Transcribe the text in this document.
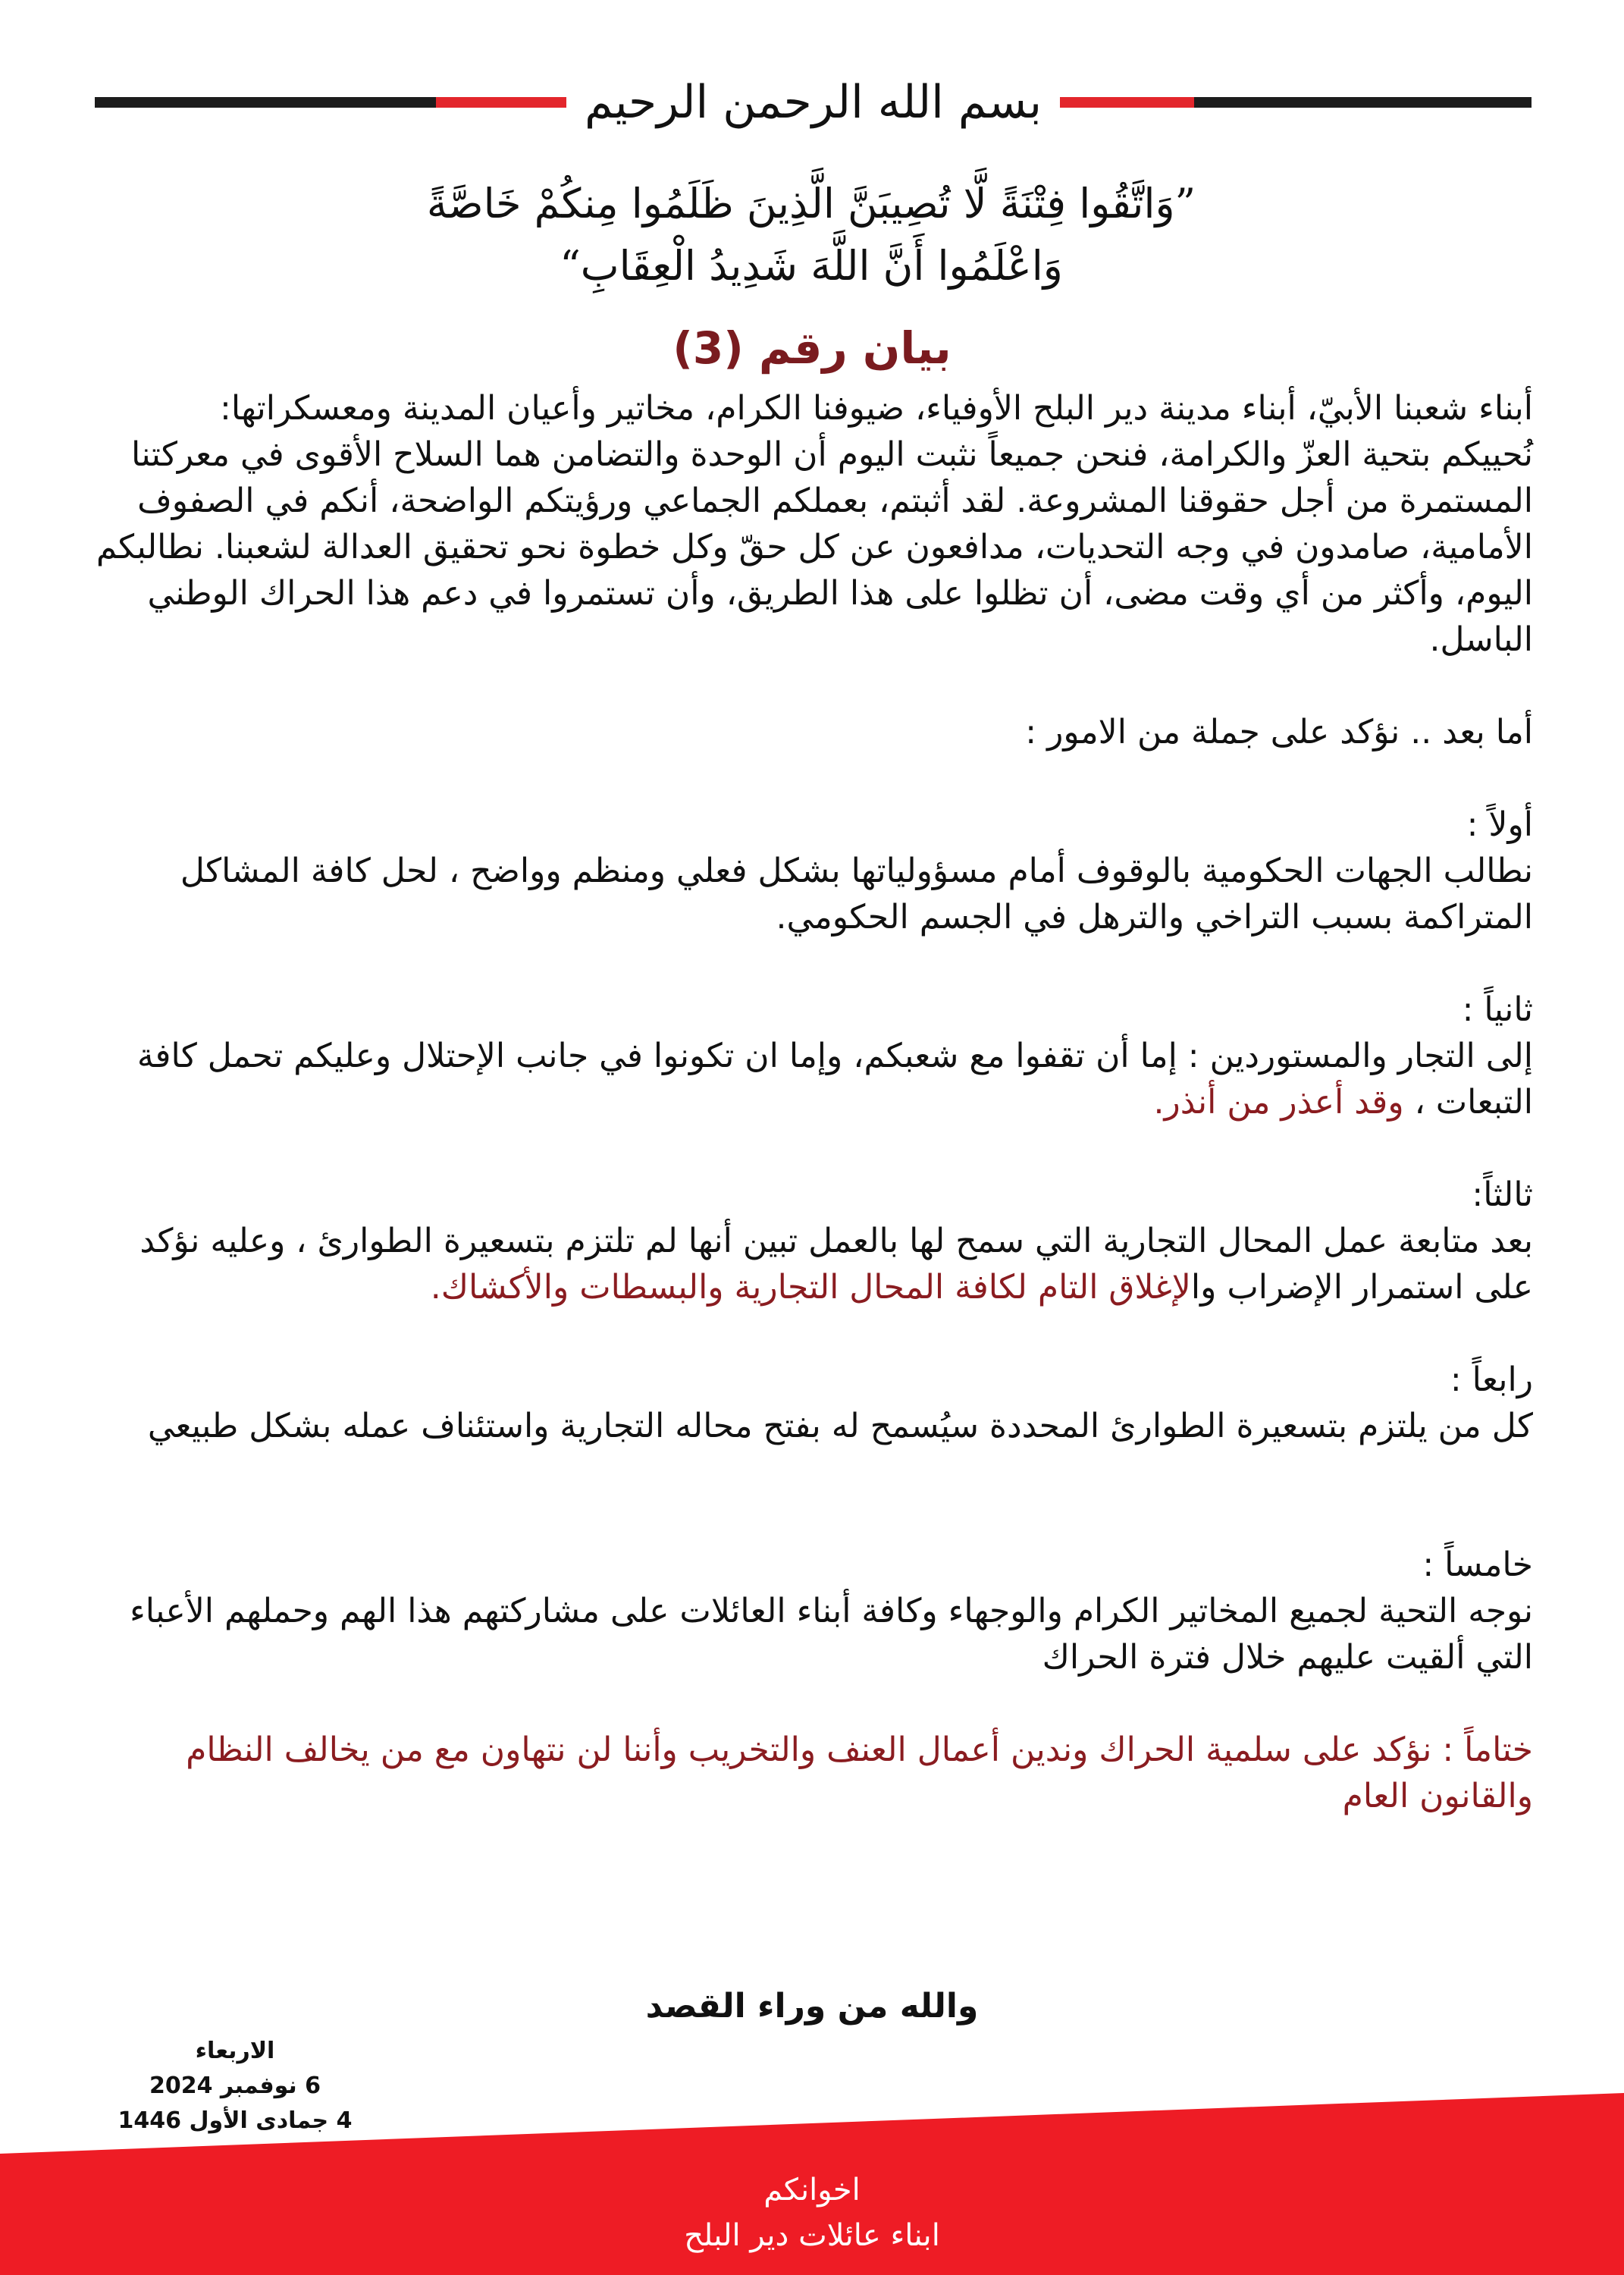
بسم الله الرحمن الرحيم
”وَاتَّقُوا فِتْنَةً لَّا تُصِيبَنَّ الَّذِينَ ظَلَمُوا مِنكُمْ خَاصَّةً
وَاعْلَمُوا أَنَّ اللَّهَ شَدِيدُ الْعِقَابِ“
بيان رقم (3)

أبناء شعبنا الأبيّ، أبناء مدينة دير البلح الأوفياء، ضيوفنا الكرام، مخاتير وأعيان المدينة ومعسكراتها:

نُحييكم بتحية العزّ والكرامة، فنحن جميعاً نثبت اليوم أن الوحدة والتضامن هما السلاح الأقوى في معركتنا المستمرة من أجل حقوقنا المشروعة. لقد أثبتم، بعملكم الجماعي ورؤيتكم الواضحة، أنكم في الصفوف الأمامية، صامدون في وجه التحديات، مدافعون عن كل حقّ وكل خطوة نحو تحقيق العدالة لشعبنا. نطالبكم اليوم، وأكثر من أي وقت مضى، أن تظلوا على هذا الطريق، وأن تستمروا في دعم هذا الحراك الوطني الباسل.

أما بعد .. نؤكد على جملة من الامور :

أولاً :

نطالب الجهات الحكومية بالوقوف أمام مسؤولياتها بشكل فعلي ومنظم وواضح ، لحل كافة المشاكل المتراكمة بسبب التراخي والترهل في الجسم الحكومي.

ثانياً :

إلى التجار والمستوردين : إما أن تقفوا مع شعبكم، وإما ان تكونوا في جانب الإحتلال وعليكم تحمل كافة التبعات ، وقد أعذر من أنذر.

ثالثاً:

بعد متابعة عمل المحال التجارية التي سمح لها بالعمل تبين أنها لم تلتزم بتسعيرة الطوارئ ، وعليه نؤكد على استمرار الإضراب والإغلاق التام لكافة المحال التجارية والبسطات والأكشاك.

رابعاً :

كل من يلتزم بتسعيرة الطوارئ المحددة سيُسمح له بفتح محاله التجارية واستئناف عمله بشكل طبيعي

خامساً :

نوجه التحية لجميع المخاتير الكرام والوجهاء وكافة أبناء العائلات على مشاركتهم هذا الهم وحملهم الأعباء التي ألقيت عليهم خلال فترة الحراك

ختاماً : نؤكد على سلمية الحراك وندين أعمال العنف والتخريب وأننا لن نتهاون مع من يخالف النظام والقانون العام

والله من وراء القصد
الاربعاء
6 نوفمبر 2024
4 جمادى الأول 1446
اخوانكم
ابناء عائلات دير البلح
